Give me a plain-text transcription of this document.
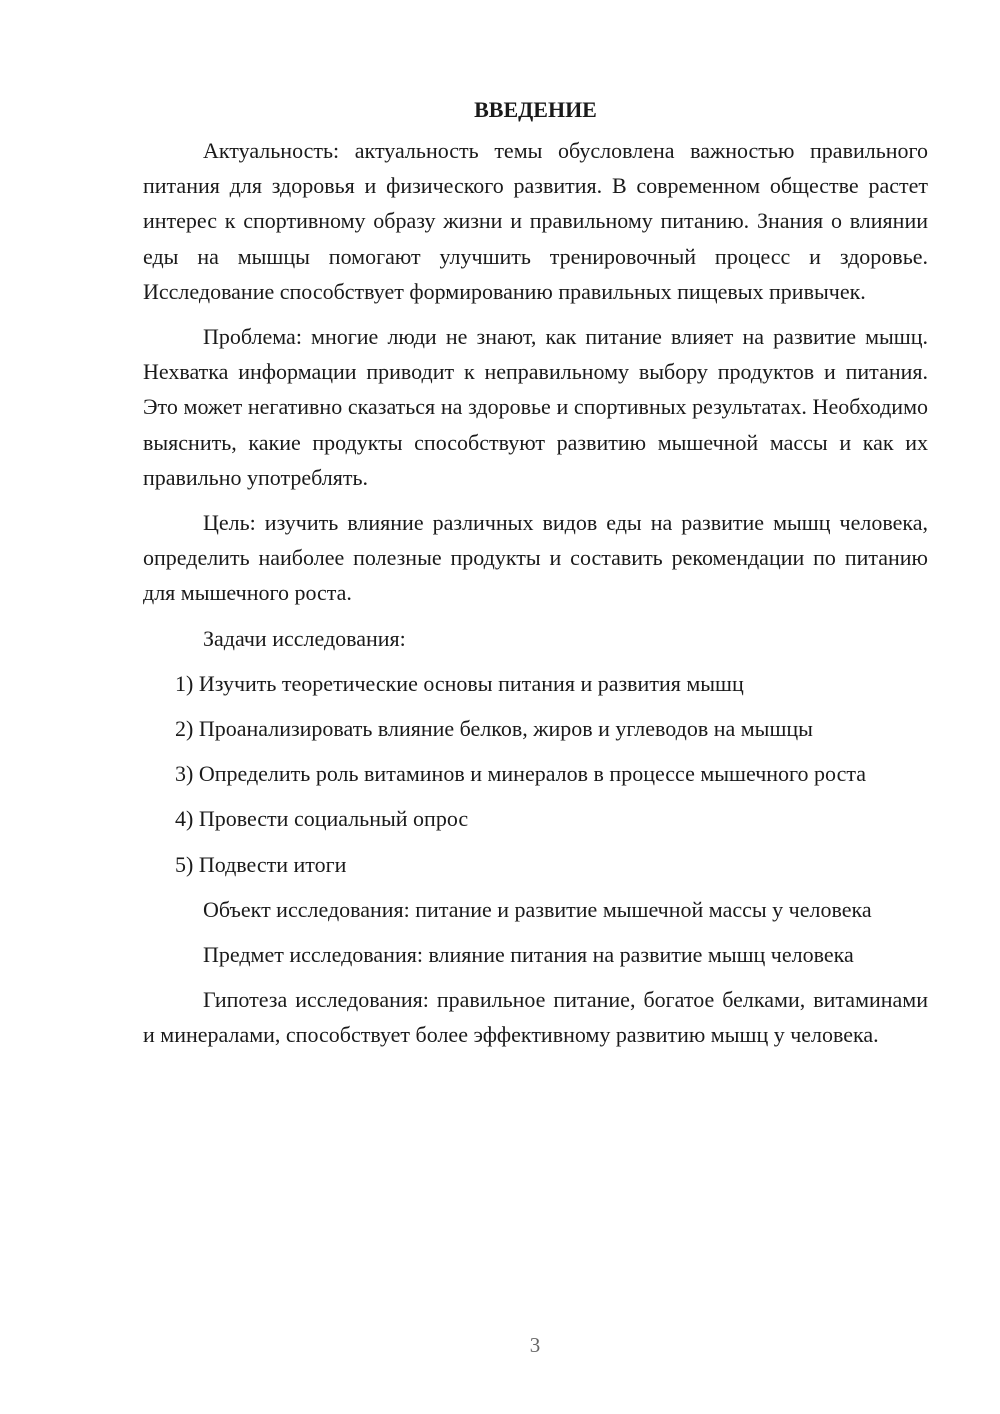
ВВЕДЕНИЕ

Актуальность: актуальность темы обусловлена важностью правильного питания для здоровья и физического развития. В современном обществе растет интерес к спортивному образу жизни и правильному питанию. Знания о влиянии еды на мышцы помогают улучшить тренировочный процесс и здоровье. Исследование способствует формированию правильных пищевых привычек.

Проблема: многие люди не знают, как питание влияет на развитие мышц. Нехватка информации приводит к неправильному выбору продуктов и питания. Это может негативно сказаться на здоровье и спортивных результатах. Необходимо выяснить, какие продукты способствуют развитию мышечной массы и как их правильно употреблять.

Цель: изучить влияние различных видов еды на развитие мышц человека, определить наиболее полезные продукты и составить рекомендации по питанию для мышечного роста.

Задачи исследования:

1) Изучить теоретические основы питания и развития мышц

2) Проанализировать влияние белков, жиров и углеводов на мышцы

3) Определить роль витаминов и минералов в процессе мышечного роста

4) Провести социальный опрос

5) Подвести итоги

Объект исследования: питание и развитие мышечной массы у человека

Предмет исследования: влияние питания на развитие мышц человека

Гипотеза исследования: правильное питание, богатое белками, витаминами и минералами, способствует более эффективному развитию мышц у человека.

3
